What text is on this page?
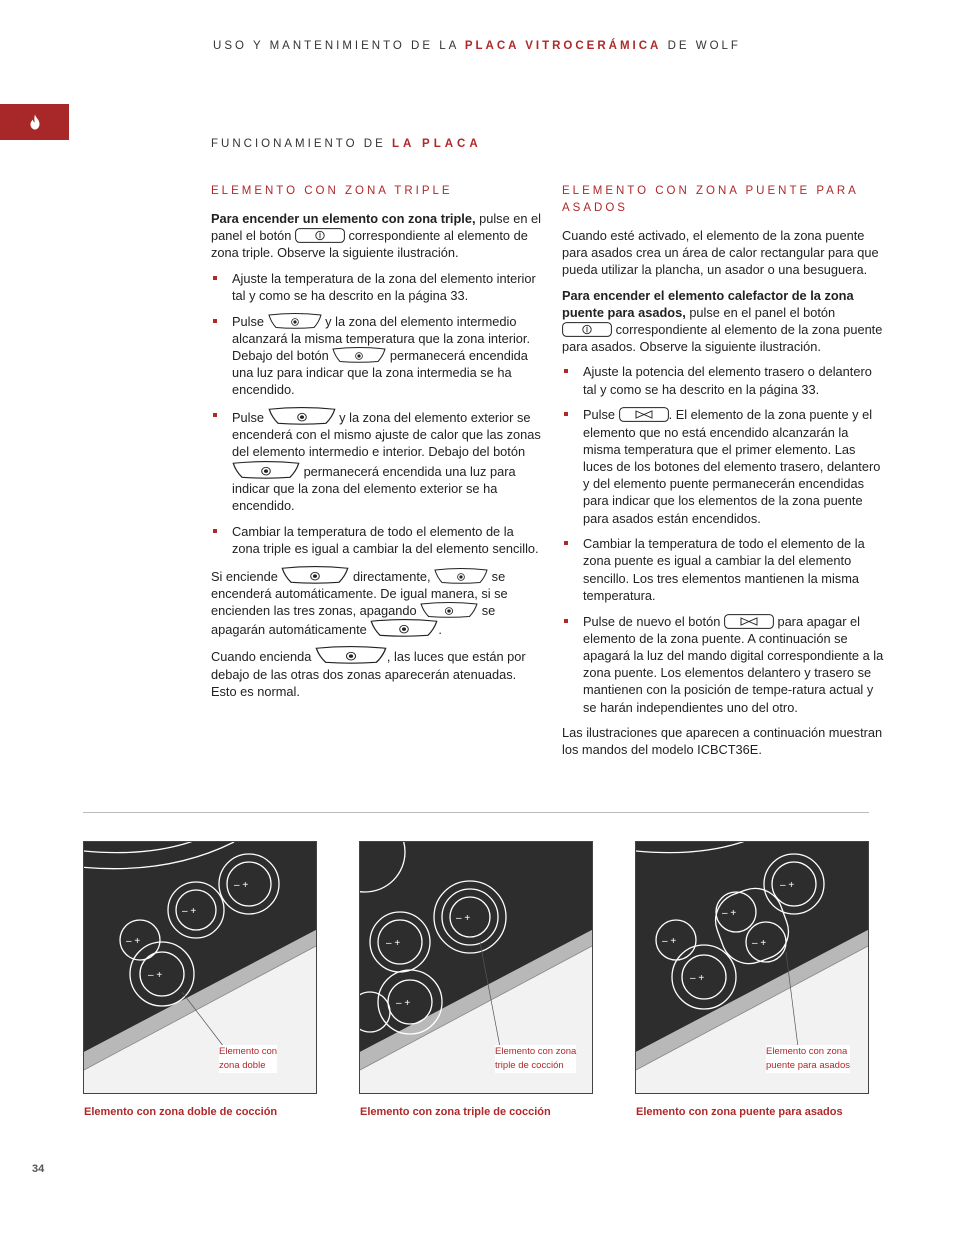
USO Y MANTENIMIENTO DE LA PLACA VITROCERÁMICA DE WOLF
FUNCIONAMIENTO DE LA PLACA
ELEMENTO CON ZONA TRIPLE

Para encender un elemento con zona triple, pulse en el panel el botón	correspondiente al elemento de zona triple. Observe la siguiente ilustración.

Ajuste la temperatura de la zona del elemento interior tal y como se ha descrito en la página 33.
Pulse	y la zona del elemento intermedio alcanzará la misma temperatura que la zona interior. Debajo del botón	permanecerá encendida una luz para indicar que la zona intermedia se ha encendido.
Pulse	y la zona del elemento exterior se encenderá con el mismo ajuste de calor que las zonas del elemento intermedio e interior. Debajo del botón
permanecerá encendida una luz para indicar que la zona del elemento exterior se ha encendido.
Cambiar la temperatura de todo el elemento de la zona triple es igual a cambiar la del elemento sencillo.

Si enciende	directamente,	se encenderá automáticamente. De igual manera, si se encienden las tres zonas, apagando	se apagarán automáticamente	.

Cuando encienda	, las luces que están por debajo de las otras dos zonas aparecerán atenuadas. Esto es normal.

ELEMENTO CON ZONA PUENTE PARA ASADOS

Cuando esté activado, el elemento de la zona puente para asados crea un área de calor rectangular para que pueda utilizar la plancha, un asador o una besuguera.

Para encender el elemento calefactor de la zona puente para asados, pulse en el panel el botón
correspondiente al elemento de la zona puente para asados. Observe la siguiente ilustración.

Ajuste la potencia del elemento trasero o delantero tal y como se ha descrito en la página 33.
Pulse	. El elemento de la zona puente y el elemento que no está encendido alcanzarán la misma temperatura que el primer elemento. Las luces de los botones del elemento trasero, delantero y del elemento puente permanecerán encendidas para indicar que los elementos de la zona puente para asados están encendidos.
Cambiar la temperatura de todo el elemento de la zona puente es igual a cambiar la del elemento sencillo. Los tres elementos mantienen la misma temperatura.
Pulse de nuevo el botón	para apagar el elemento de la zona puente. A continuación se apagará la luz del mando digital correspondiente a la zona puente. Los elementos delantero y trasero se mantienen con la posición de tempe-ratura actual y se harán independientes uno del otro.

Las ilustraciones que aparecen a continuación muestran los mandos del modelo ICBCT36E.

– +
– +
– +
– +
Elemento con
zona doble
– +
– +
– +
Elemento con zona
triple de cocción
– +
– +
– +
– +
– +
Elemento con zona
puente para asados
Elemento con zona doble de cocción	Elemento con zona triple de cocción	Elemento con zona puente para asados
34
